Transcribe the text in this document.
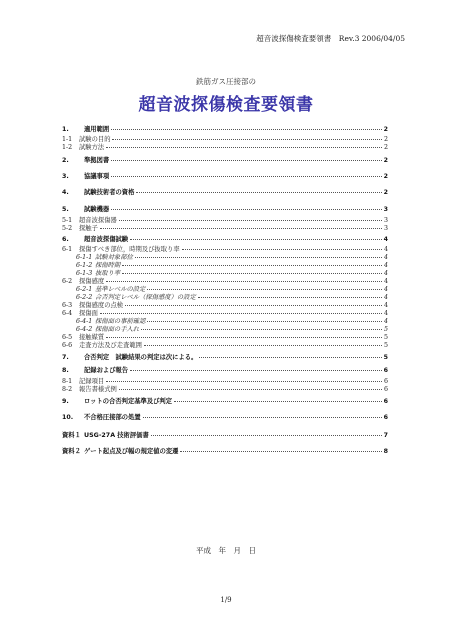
超音波探傷検査要領書　Rev.3 2006/04/05
鉄筋ガス圧接部の
超音波探傷検査要領書
1.	適用範囲	2
1-1	試験の目的	2
1-2	試験方法	2
2.	準拠図書	2
3.	協議事項	2
4.	試験技術者の資格	2
5.	試験機器	3
5-1	超音波探傷器	3
5-2	探触子	3
6.	超音波探傷試験	4
6-1	探傷すべき部位，時期及び抜取り率	4
6-1-1 試験対象部位	4
6-1-2 探傷時期	4
6-1-3 抜取り率	4
6-2	探傷感度	4
6-2-1 基準レベルの設定	4
6-2-2 合否判定レベル（探傷感度）の設定	4
6-3	探傷感度の点検	4
6-4	探傷面	4
6-4-1 探傷面の事前確認	4
6-4-2 探傷面の手入れ	5
6-5	接触媒質	5
6-6	走査方法及び走査範囲	5
7.	合否判定　試験結果の判定は次による。	5
8.	記録および報告	6
8-1	記録項目	6
8-2	報告書様式例	6
9.	ロットの合否判定基準及び判定	6
10.	不合格圧接部の処置	6
資料１ USG-27A 技術評価書	7
資料２ ゲート起点及び幅の規定値の変遷	8
平成　年　月　日
1/9
